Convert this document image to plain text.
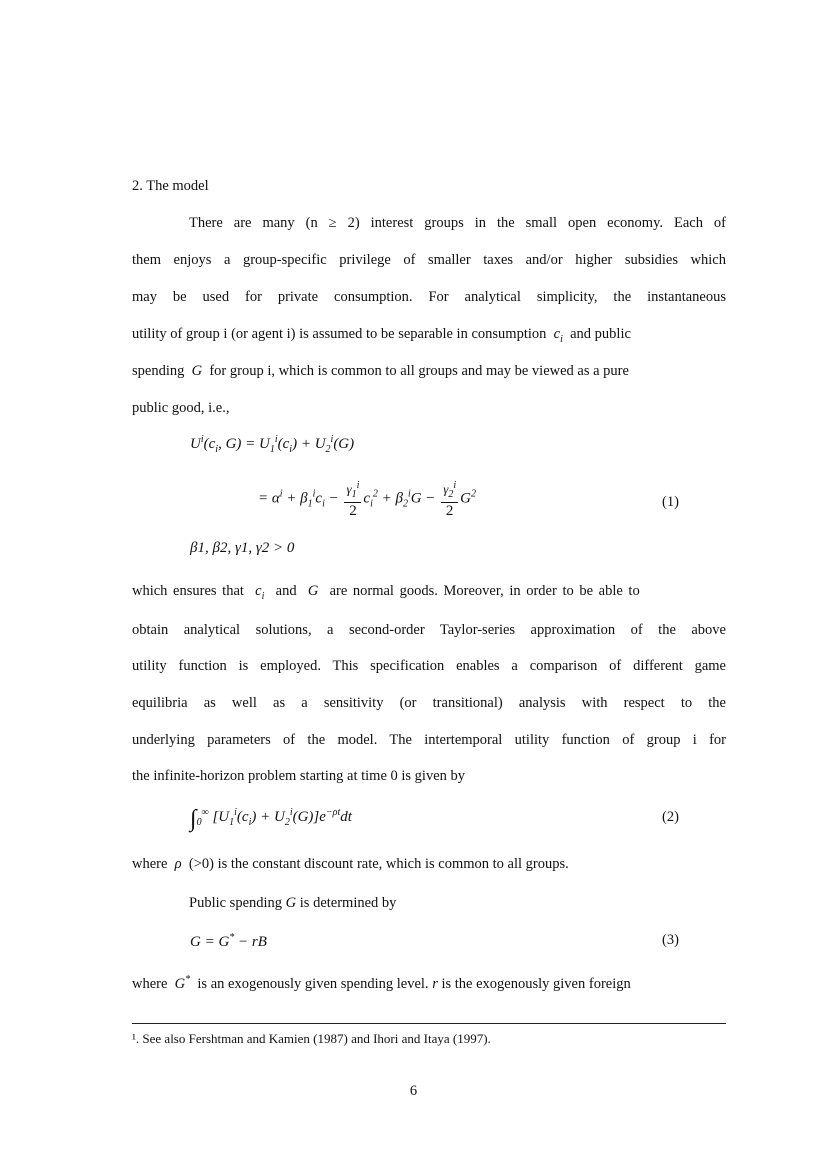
2. The model
There are many (n ≥ 2) interest groups in the small open economy. Each of
them enjoys a group-specific privilege of smaller taxes and/or higher subsidies which
may be used for private consumption. For analytical simplicity, the instantaneous
utility of group i (or agent i) is assumed to be separable in consumption $c_i$ and public
spending G for group i, which is common to all groups and may be viewed as a pure
public good, i.e.,
$U^i(c_i$, $G) = U_1^i(c_i) + U_2^i(G)$
= $\alpha^i + \beta_1^ic_i - \frac{\gamma_1^i}{2} c_i^2 + \beta_2^iG - \frac{\gamma_2^i}{2} G^2$
(1)
β1, β2, γ1, γ2 > 0
which ensures that $c_i$ and G are normal goods. Moreover, in order to be able to
obtain analytical solutions, a second-order Taylor-series approximation of the above
utility function is employed. This specification enables a comparison of different game
equilibria as well as a sensitivity (or transitional) analysis with respect to the
underlying parameters of the model. The intertemporal utility function of group i for
the infinite-horizon problem starting at time 0 is given by
$\int_0^\infty$ $[U_1^i(c_i) + U_2^i(G)]e^{-\rho t}dt$	(2)
where ρ (>0) is the constant discount rate, which is common to all groups.
Public spending G is determined by
G = G* − rB	(3)
where G* is an exogenously given spending level. r is the exogenously given foreign
¹. See also Fershtman and Kamien (1987) and Ihori and Itaya (1997).
6
